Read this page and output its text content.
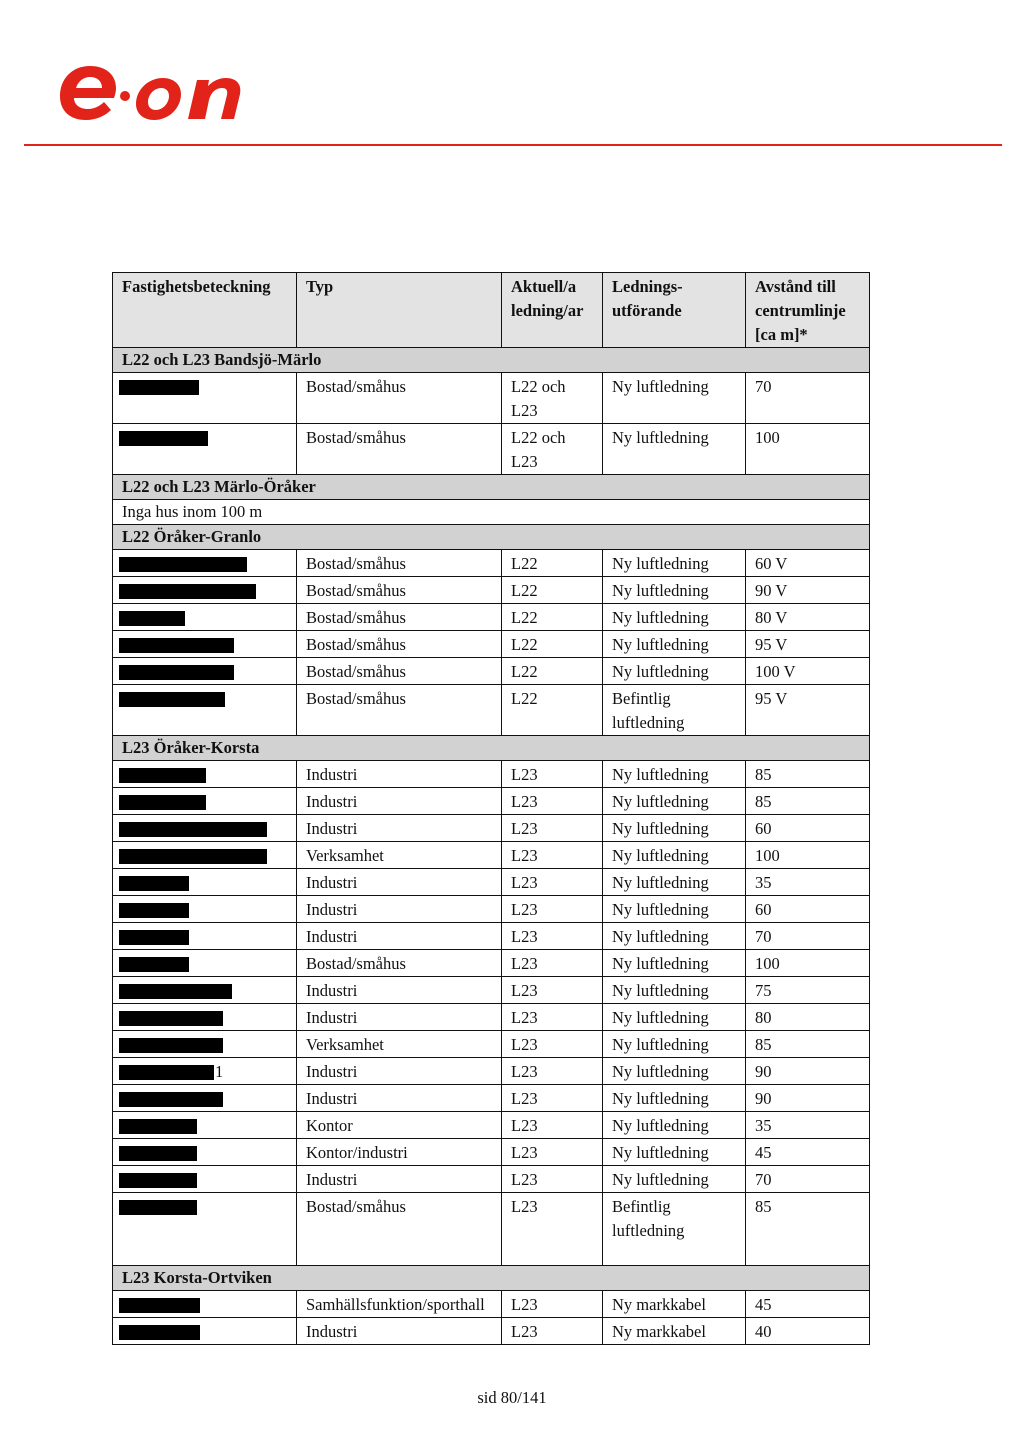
Fastighetsbeteckning	Typ	Aktuell/a ledning/ar	Lednings-utförande	Avstånd till centrumlinje [ca m]*
L22 och L23 Bandsjö-Märlo				
	Bostad/småhus	L22 och L23	Ny luftledning	70
	Bostad/småhus	L22 och L23	Ny luftledning	100
L22 och L23 Märlo-Öråker				
Inga hus inom 100 m				
L22 Öråker-Granlo				
	Bostad/småhus	L22	Ny luftledning	60 V
	Bostad/småhus	L22	Ny luftledning	90 V
	Bostad/småhus	L22	Ny luftledning	80 V
	Bostad/småhus	L22	Ny luftledning	95 V
	Bostad/småhus	L22	Ny luftledning	100 V
	Bostad/småhus	L22	Befintlig luftledning	95 V
L23 Öråker-Korsta				
	Industri	L23	Ny luftledning	85
	Industri	L23	Ny luftledning	85
	Industri	L23	Ny luftledning	60
	Verksamhet	L23	Ny luftledning	100
	Industri	L23	Ny luftledning	35
	Industri	L23	Ny luftledning	60
	Industri	L23	Ny luftledning	70
	Bostad/småhus	L23	Ny luftledning	100
	Industri	L23	Ny luftledning	75
	Industri	L23	Ny luftledning	80
	Verksamhet	L23	Ny luftledning	85
1	Industri	L23	Ny luftledning	90
	Industri	L23	Ny luftledning	90
	Kontor	L23	Ny luftledning	35
	Kontor/industri	L23	Ny luftledning	45
	Industri	L23	Ny luftledning	70
	Bostad/småhus	L23	Befintlig luftledning	85
L23 Korsta-Ortviken				
	Samhällsfunktion/sporthall	L23	Ny markkabel	45
	Industri	L23	Ny markkabel	40
sid 80/141
